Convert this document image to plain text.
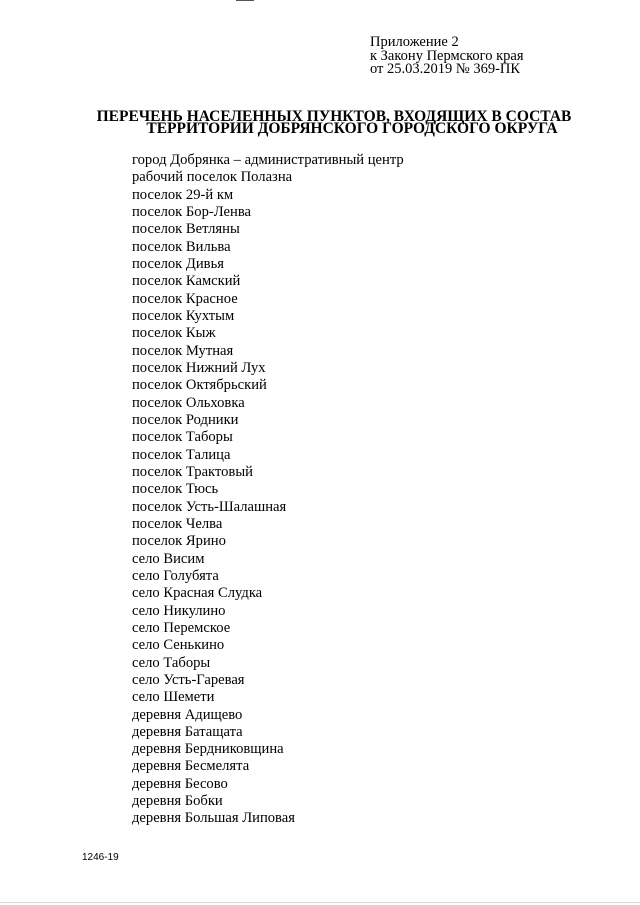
Приложение 2
к Закону Пермского края
от 25.03.2019 № 369-ПК
ПЕРЕЧЕНЬ НАСЕЛЕННЫХ ПУНКТОВ, ВХОДЯЩИХ В СОСТАВ
ТЕРРИТОРИИ ДОБРЯНСКОГО ГОРОДСКОГО ОКРУГА
город Добрянка – административный центр
рабочий поселок Полазна
поселок 29-й км
поселок Бор-Ленва
поселок Ветляны
поселок Вильва
поселок Дивья
поселок Камский
поселок Красное
поселок Кухтым
поселок Кыж
поселок Мутная
поселок Нижний Лух
поселок Октябрьский
поселок Ольховка
поселок Родники
поселок Таборы
поселок Талица
поселок Трактовый
поселок Тюсь
поселок Усть-Шалашная
поселок Челва
поселок Ярино
село Висим
село Голубята
село Красная Слудка
село Никулино
село Перемское
село Сенькино
село Таборы
село Усть-Гаревая
село Шемети
деревня Адищево
деревня Батащата
деревня Бердниковщина
деревня Бесмелята
деревня Бесово
деревня Бобки
деревня Большая Липовая
1246-19
